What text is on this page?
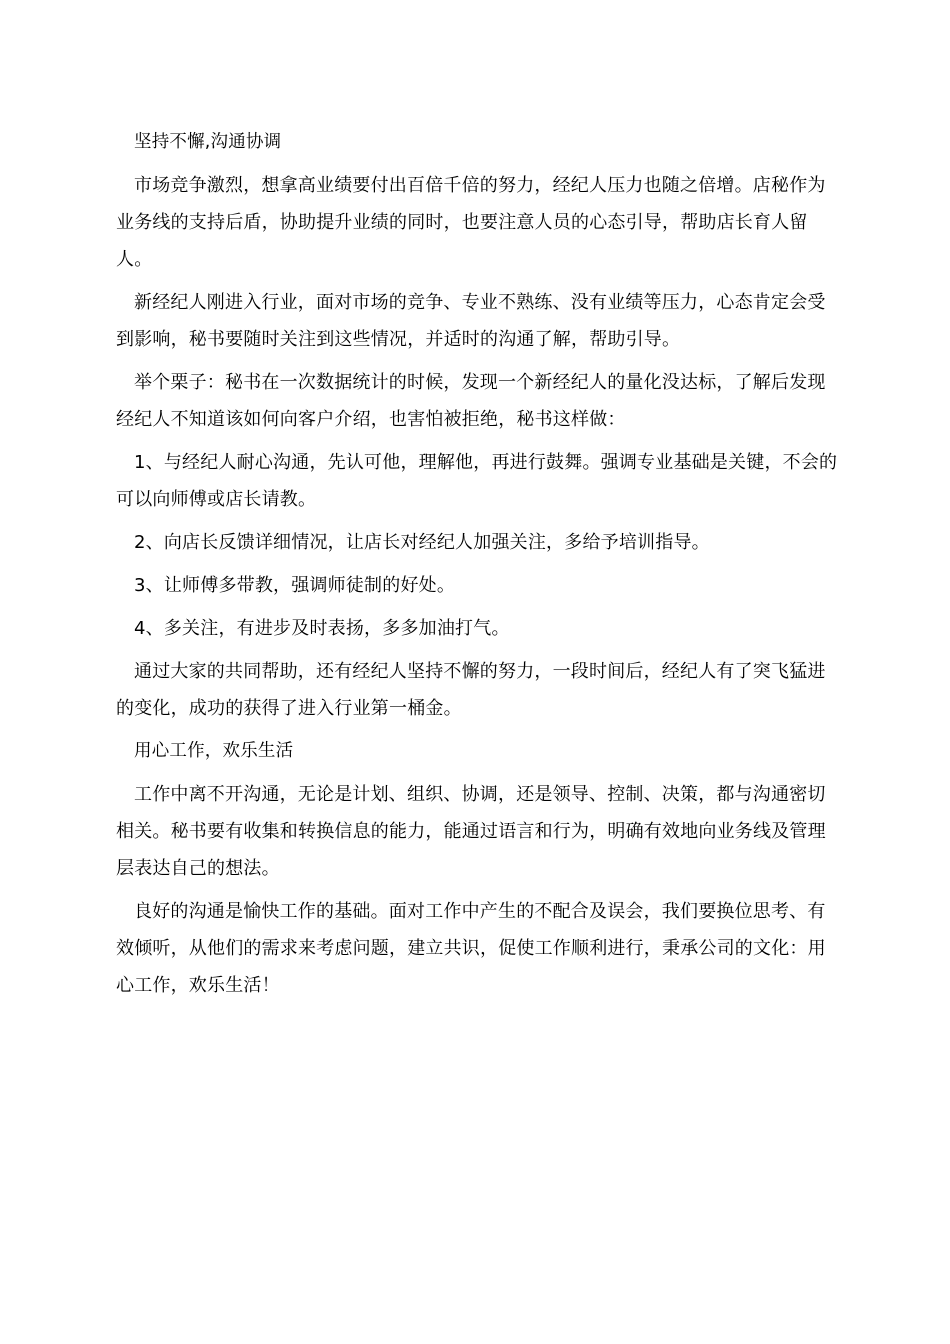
坚持不懈,沟通协调

市场竞争激烈，想拿高业绩要付出百倍千倍的努力，经纪人压力也随之倍增。店秘作为业务线的支持后盾，协助提升业绩的同时，也要注意人员的心态引导，帮助店长育人留人。

新经纪人刚进入行业，面对市场的竞争、专业不熟练、没有业绩等压力，心态肯定会受到影响，秘书要随时关注到这些情况，并适时的沟通了解，帮助引导。

举个栗子：秘书在一次数据统计的时候，发现一个新经纪人的量化没达标，了解后发现经纪人不知道该如何向客户介绍，也害怕被拒绝，秘书这样做：

1、与经纪人耐心沟通，先认可他，理解他，再进行鼓舞。强调专业基础是关键，不会的可以向师傅或店长请教。

2、向店长反馈详细情况，让店长对经纪人加强关注，多给予培训指导。

3、让师傅多带教，强调师徒制的好处。

4、多关注，有进步及时表扬，多多加油打气。

通过大家的共同帮助，还有经纪人坚持不懈的努力，一段时间后，经纪人有了突飞猛进的变化，成功的获得了进入行业第一桶金。

用心工作，欢乐生活

工作中离不开沟通，无论是计划、组织、协调，还是领导、控制、决策，都与沟通密切相关。秘书要有收集和转换信息的能力，能通过语言和行为，明确有效地向业务线及管理层表达自己的想法。

良好的沟通是愉快工作的基础。面对工作中产生的不配合及误会，我们要换位思考、有效倾听，从他们的需求来考虑问题，建立共识，促使工作顺利进行，秉承公司的文化：用心工作，欢乐生活！
